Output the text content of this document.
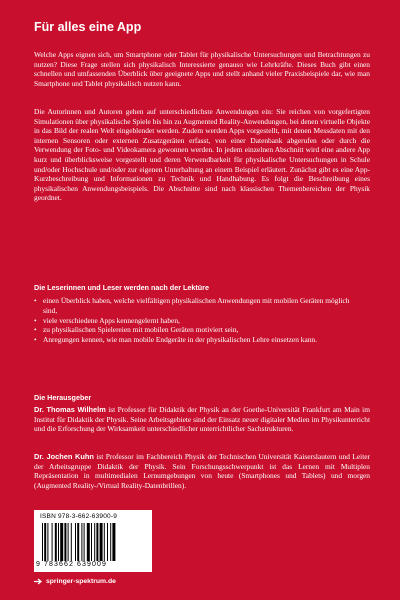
Für alles eine App

Welche Apps eignen sich, um Smartphone oder Tablet für physikalische Untersuchungen und Betrachtungen zu nutzen? Diese Frage stellen sich physikalisch Interessierte genauso wie Lehrkräfte. Dieses Buch gibt einen schnellen und umfassenden Überblick über geeignete Apps und stellt anhand vieler Praxisbeispiele dar, wie man Smartphone und Tablet physikalisch nutzen kann.

Die Autorinnen und Autoren gehen auf unterschiedlichste Anwendungen ein: Sie reichen von vorgefertigten Simulationen über physikalische Spiele bis hin zu Augmented Reality-Anwendungen, bei denen virtuelle Objekte in das Bild der realen Welt eingeblendet werden. Zudem werden Apps vorgestellt, mit denen Messdaten mit den internen Sensoren oder externen Zusatzgeräten erfasst, von einer Datenbank abgerufen oder durch die Verwendung der Foto- und Videokamera gewonnen werden. In jedem einzelnen Abschnitt wird eine andere App kurz und überblicksweise vorgestellt und deren Verwendbarkeit für physikalische Untersuchungen in Schule und/oder Hochschule und/oder zur eigenen Unterhaltung an einem Beispiel erläutert. Zunächst gibt es eine App-Kurzbeschreibung und Informationen zu Technik und Handhabung. Es folgt die Beschreibung eines physikalischen Anwendungsbeispiels. Die Abschnitte sind nach klassischen Themenbereichen der Physik geordnet.

Die Leserinnen und Leser werden nach der Lektüre
• einen Überblick haben, welche vielfältigen physikalischen Anwendungen mit mobilen Geräten möglich sind,
• viele verschiedene Apps kennengelernt haben,
• zu physikalischen Spielereien mit mobilen Geräten motiviert sein,
• Anregungen kennen, wie man mobile Endgeräte in der physikalischen Lehre einsetzen kann.
Die Herausgeber

Dr. Thomas Wilhelm ist Professor für Didaktik der Physik an der Goethe-Universität Frankfurt am Main im Institut für Didaktik der Physik. Seine Arbeitsgebiete sind der Einsatz neuer digitaler Medien im Physikunterricht und die Erforschung der Wirksamkeit unterschiedlicher unterrichtlicher Sachstrukturen.

Dr. Jochen Kuhn ist Professor im Fachbereich Physik der Technischen Universität Kaiserslautern und Leiter der Arbeitsgruppe Didaktik der Physik. Sein Forschungsschwerpunkt ist das Lernen mit Multiplen Repräsentation in multimedialen Lernumgebungen von heute (Smartphones und Tablets) und morgen (Augmented Reality-/Virtual Reality-Datenbrillen).

ISBN 978-3-662-63900-9
9 783662 639009
springer-spektrum.de
